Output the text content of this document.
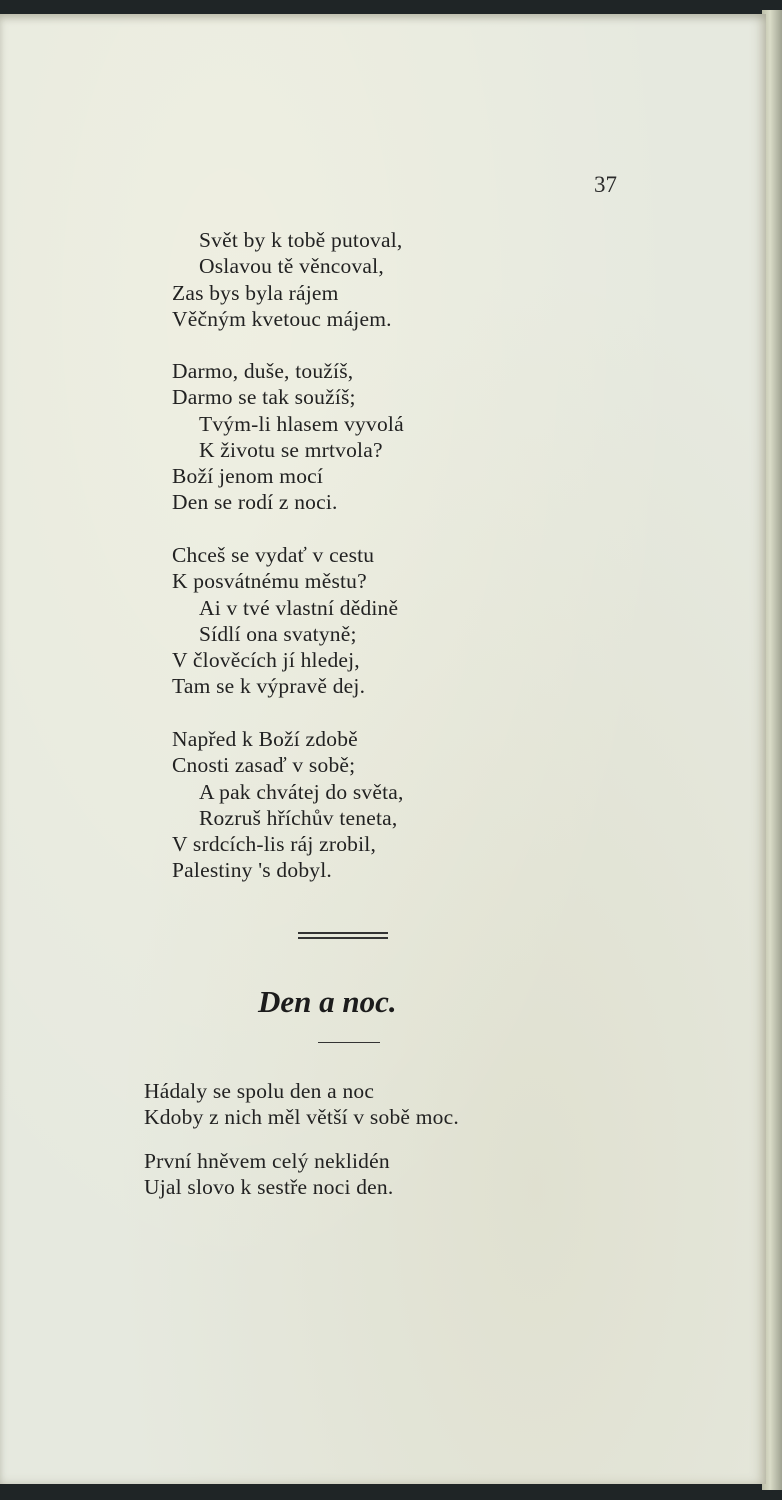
37
Svět by k tobě putoval,
Oslavou tě věncoval,
Zas bys byla rájem
Věčným kvetouc májem.
Darmo, duše, toužíš,
Darmo se tak soužíš;
Tvým-li hlasem vyvolá
K životu se mrtvola?
Boží jenom mocí
Den se rodí z noci.
Chceš se vydať v cestu
K posvátnému městu?
Ai v tvé vlastní dědině
Sídlí ona svatyně;
V člověcích jí hledej,
Tam se k výpravě dej.
Napřed k Boží zdobě
Cnosti zasaď v sobě;
A pak chvátej do světa,
Rozruš hříchův teneta,
V srdcích-lis ráj zrobil,
Palestiny 's dobyl.
Den a noc.
Hádaly se spolu den a noc
Kdoby z nich měl větší v sobě moc.
První hněvem celý neklidén
Ujal slovo k sestře noci den.
